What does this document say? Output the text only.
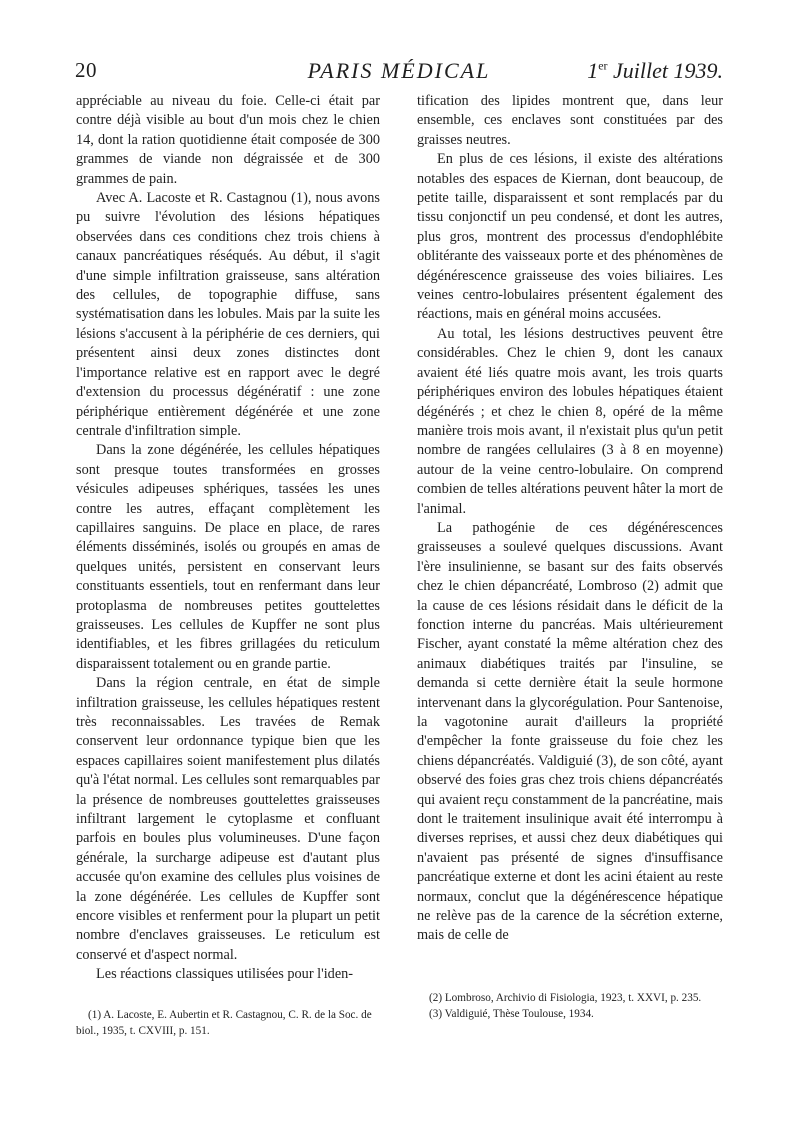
20	PARIS MÉDICAL	1er Juillet 1939.

appréciable au niveau du foie. Celle-ci était par contre déjà visible au bout d'un mois chez le chien 14, dont la ration quotidienne était composée de 300 grammes de viande non dégraissée et de 300 grammes de pain.

Avec A. Lacoste et R. Castagnou (1), nous avons pu suivre l'évolution des lésions hépatiques observées dans ces conditions chez trois chiens à canaux pancréatiques réséqués. Au début, il s'agit d'une simple infiltration graisseuse, sans altération des cellules, de topographie diffuse, sans systématisation dans les lobules. Mais par la suite les lésions s'accusent à la périphérie de ces derniers, qui présentent ainsi deux zones distinctes dont l'importance relative est en rapport avec le degré d'extension du processus dégénératif : une zone périphérique entièrement dégénérée et une zone centrale d'infiltration simple.

Dans la zone dégénérée, les cellules hépatiques sont presque toutes transformées en grosses vésicules adipeuses sphériques, tassées les unes contre les autres, effaçant complètement les capillaires sanguins. De place en place, de rares éléments disséminés, isolés ou groupés en amas de quelques unités, persistent en conservant leurs constituants essentiels, tout en renfermant dans leur protoplasma de nombreuses petites gouttelettes graisseuses. Les cellules de Kupffer ne sont plus identifiables, et les fibres grillagées du reticulum disparaissent totalement ou en grande partie.

Dans la région centrale, en état de simple infiltration graisseuse, les cellules hépatiques restent très reconnaissables. Les travées de Remak conservent leur ordonnance typique bien que les espaces capillaires soient manifestement plus dilatés qu'à l'état normal. Les cellules sont remarquables par la présence de nombreuses gouttelettes graisseuses infiltrant largement le cytoplasme et confluant parfois en boules plus volumineuses. D'une façon générale, la surcharge adipeuse est d'autant plus accusée qu'on examine des cellules plus voisines de la zone dégénérée. Les cellules de Kupffer sont encore visibles et renferment pour la plupart un petit nombre d'enclaves graisseuses. Le reticulum est conservé et d'aspect normal.

Les réactions classiques utilisées pour l'iden-

tification des lipides montrent que, dans leur ensemble, ces enclaves sont constituées par des graisses neutres.

En plus de ces lésions, il existe des altérations notables des espaces de Kiernan, dont beaucoup, de petite taille, disparaissent et sont remplacés par du tissu conjonctif un peu condensé, et dont les autres, plus gros, montrent des processus d'endophlébite oblitérante des vaisseaux porte et des phénomènes de dégénérescence graisseuse des voies biliaires. Les veines centro-lobulaires présentent également des réactions, mais en général moins accusées.

Au total, les lésions destructives peuvent être considérables. Chez le chien 9, dont les canaux avaient été liés quatre mois avant, les trois quarts périphériques environ des lobules hépatiques étaient dégénérés ; et chez le chien 8, opéré de la même manière trois mois avant, il n'existait plus qu'un petit nombre de rangées cellulaires (3 à 8 en moyenne) autour de la veine centro-lobulaire. On comprend combien de telles altérations peuvent hâter la mort de l'animal.

La pathogénie de ces dégénérescences graisseuses a soulevé quelques discussions. Avant l'ère insulinienne, se basant sur des faits observés chez le chien dépancréaté, Lombroso (2) admit que la cause de ces lésions résidait dans le déficit de la fonction interne du pancréas. Mais ultérieurement Fischer, ayant constaté la même altération chez des animaux diabétiques traités par l'insuline, se demanda si cette dernière était la seule hormone intervenant dans la glycorégulation. Pour Santenoise, la vagotonine aurait d'ailleurs la propriété d'empêcher la fonte graisseuse du foie chez les chiens dépancréatés. Valdiguié (3), de son côté, ayant observé des foies gras chez trois chiens dépancréatés qui avaient reçu constamment de la pancréatine, mais dont le traitement insulinique avait été interrompu à diverses reprises, et aussi chez deux diabétiques qui n'avaient pas présenté de signes d'insuffisance pancréatique externe et dont les acini étaient au reste normaux, conclut que la dégénérescence hépatique ne relève pas de la carence de la sécrétion externe, mais de celle de

(1) A. Lacoste, E. Aubertin et R. Castagnou, C. R. de la Soc. de biol., 1935, t. CXVIII, p. 151.

(2) Lombroso, Archivio di Fisiologia, 1923, t. XXVI, p. 235.

(3) Valdiguié, Thèse Toulouse, 1934.
